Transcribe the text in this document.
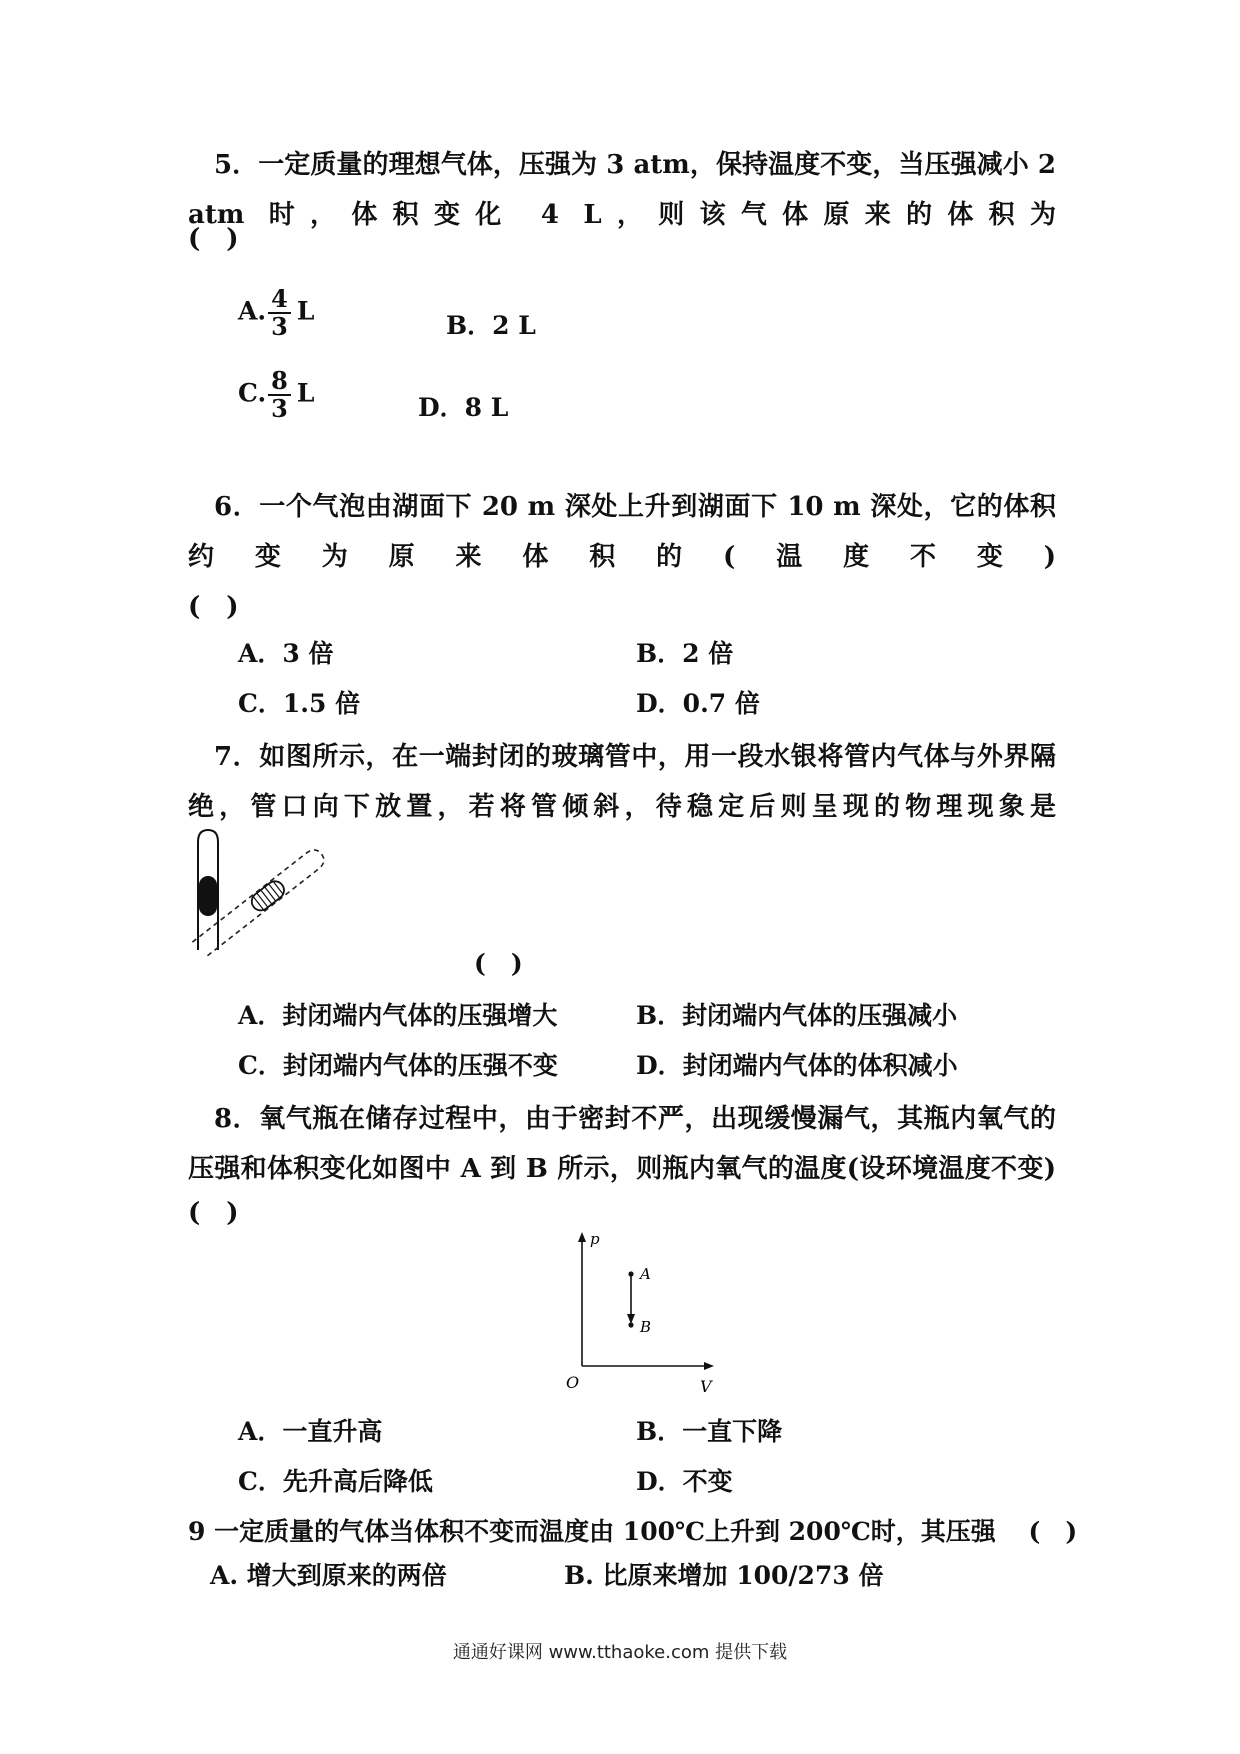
5．一定质量的理想气体，压强为 3 atm，保持温度不变，当压强减小 2 atm 时，体积变化 4 L，则该气体原来的体积为
(　)
A. $\frac{4}{3}$ L	B．2 L
C. $\frac{8}{3}$ L	D．8 L
6．一个气泡由湖面下 20 m 深处上升到湖面下 10 m 深处，它的体积约变为原来体积的(温度不变)
(　)
A．3 倍	B．2 倍
C．1.5 倍	D．0.7 倍
7．如图所示，在一端封闭的玻璃管中，用一段水银将管内气体与外界隔绝，管口向下放置，若将管倾斜，待稳定后则呈现的物理现象是
(　)
A．封闭端内气体的压强增大	B．封闭端内气体的压强减小
C．封闭端内气体的压强不变	D．封闭端内气体的体积减小
8．氧气瓶在储存过程中，由于密封不严，出现缓慢漏气，其瓶内氧气的压强和体积变化如图中 A 到 B 所示，则瓶内氧气的温度(设环境温度不变)
(　)
p
V
O
A
B
A．一直升高	B．一直下降
C．先升高后降低	D．不变
9 一定质量的气体当体积不变而温度由 100℃上升到 200℃时，其压强 (　)
A. 增大到原来的两倍	B. 比原来增加 100/273 倍
通通好课网 www.tthaoke.com 提供下载
